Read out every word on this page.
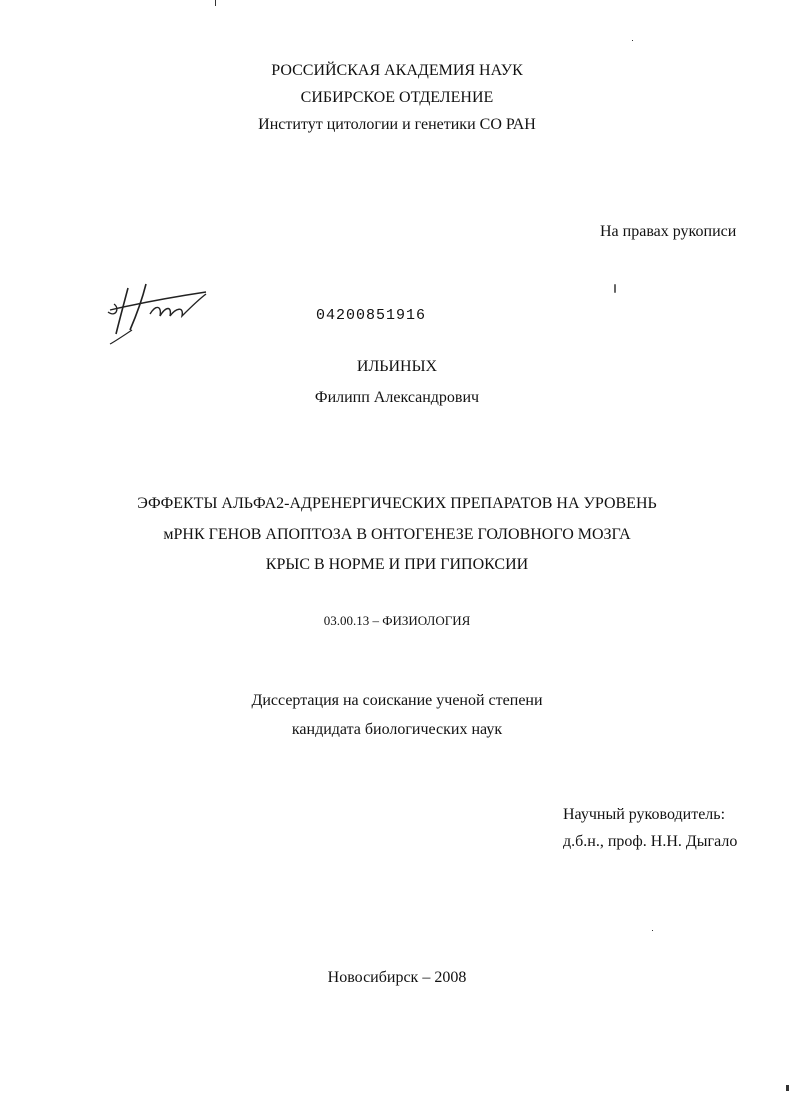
РОССИЙСКАЯ АКАДЕМИЯ НАУК
СИБИРСКОЕ ОТДЕЛЕНИЕ
Институт цитологии и генетики СО РАН
На правах рукописи
04200851916
ИЛЬИНЫХ
Филипп Александрович
ЭФФЕКТЫ АЛЬФА2-АДРЕНЕРГИЧЕСКИХ ПРЕПАРАТОВ НА УРОВЕНЬ
мРНК ГЕНОВ АПОПТОЗА В ОНТОГЕНЕЗЕ ГОЛОВНОГО МОЗГА
КРЫС В НОРМЕ И ПРИ ГИПОКСИИ
03.00.13 – ФИЗИОЛОГИЯ
Диссертация на соискание ученой степени
кандидата биологических наук
Научный руководитель:
д.б.н., проф. Н.Н. Дыгало
Новосибирск – 2008
